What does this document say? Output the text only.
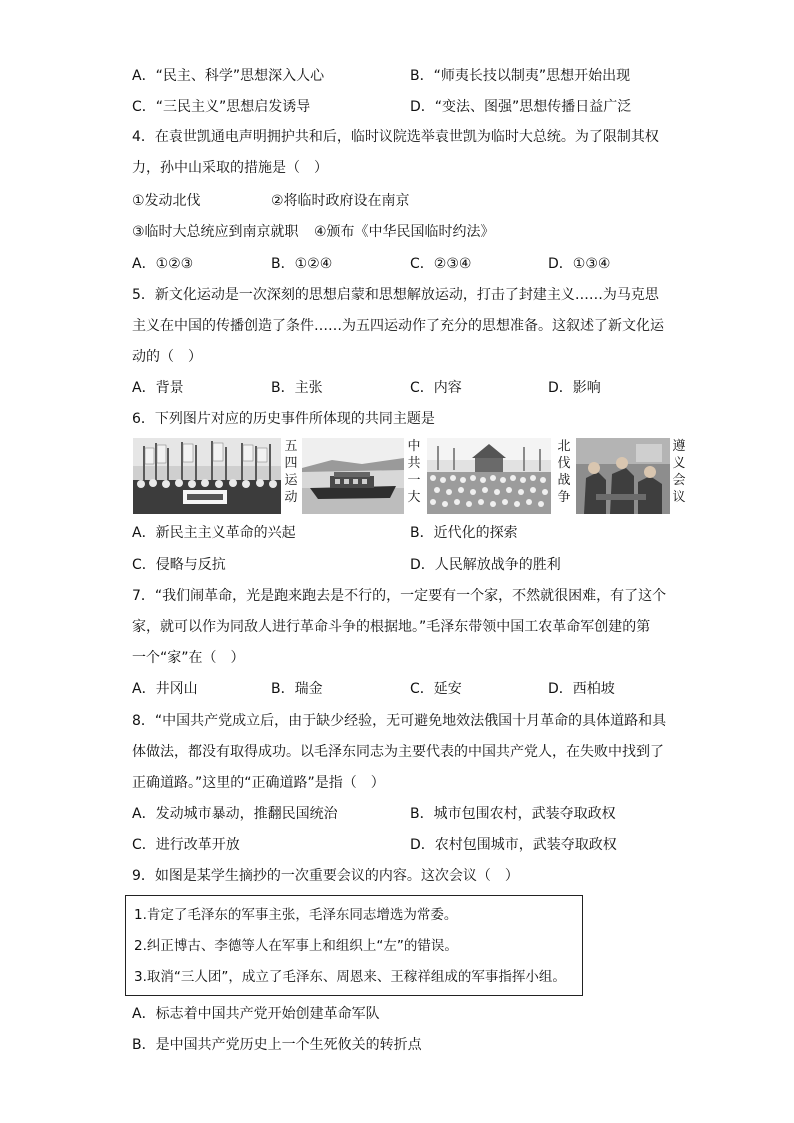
A．“民主、科学”思想深入人心	B．“师夷长技以制夷”思想开始出现
C．“三民主义”思想启发诱导	D．“变法、图强”思想传播日益广泛
4．在袁世凯通电声明拥护共和后，临时议院选举袁世凯为临时大总统。为了限制其权
力，孙中山采取的措施是（　）
①发动北伐	②将临时政府设在南京
③临时大总统应到南京就职 ④颁布《中华民国临时约法》
A．①②③	B．①②④	C．②③④	D．①③④
5．新文化运动是一次深刻的思想启蒙和思想解放运动，打击了封建主义……为马克思
主义在中国的传播创造了条件……为五四运动作了充分的思想准备。这叙述了新文化运
动的（　）
A．背景	B．主张	C．内容	D．影响
6．下列图片对应的历史事件所体现的共同主题是
五
四
运
动
中
共
一
大
北
伐
战
争
遵
义
会
议
A．新民主主义革命的兴起	B．近代化的探索
C．侵略与反抗	D．人民解放战争的胜利
7．“我们闹革命，光是跑来跑去是不行的，一定要有一个家，不然就很困难，有了这个
家，就可以作为同敌人进行革命斗争的根据地。”毛泽东带领中国工农革命军创建的第
一个“家”在（　）
A．井冈山	B．瑞金	C．延安	D．西柏坡
8．“中国共产党成立后，由于缺少经验，无可避免地效法俄国十月革命的具体道路和具
体做法，都没有取得成功。以毛泽东同志为主要代表的中国共产党人，在失败中找到了
正确道路。”这里的“正确道路”是指（　）
A．发动城市暴动，推翻民国统治	B．城市包围农村，武装夺取政权
C．进行改革开放	D．农村包围城市，武装夺取政权
9．如图是某学生摘抄的一次重要会议的内容。这次会议（　）
1.肯定了毛泽东的军事主张，毛泽东同志增选为常委。
2.纠正博古、李德等人在军事上和组织上“左”的错误。
3.取消“三人团”，成立了毛泽东、周恩来、王稼祥组成的军事指挥小组。
A．标志着中国共产党开始创建革命军队
B．是中国共产党历史上一个生死攸关的转折点
